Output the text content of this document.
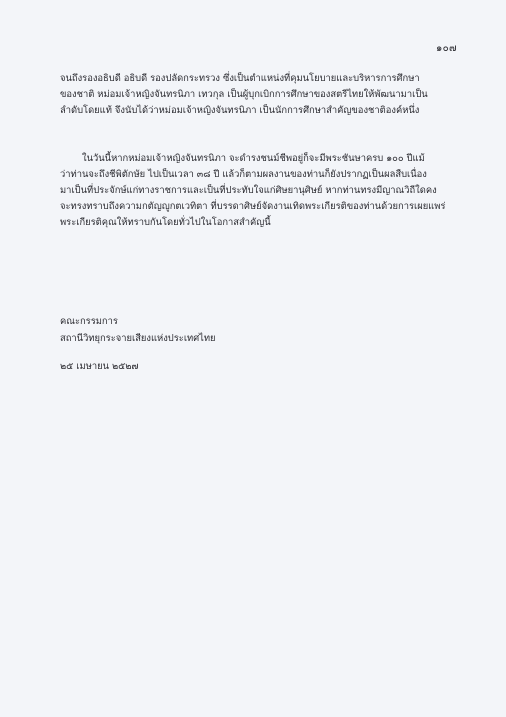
๑๐๗
จนถึงรองอธิบดี อธิบดี รองปลัดกระทรวง ซึ่งเป็นตำแหน่งที่คุมนโยบายและบริหารการศึกษา
ของชาติ หม่อมเจ้าหญิงจันทรนิภา เทวกุล เป็นผู้บุกเบิกการศึกษาของสตรีไทยให้พัฒนามาเป็น
ลำดับโดยแท้ จึงนับได้ว่าหม่อมเจ้าหญิงจันทรนิภา เป็นนักการศึกษาสำคัญของชาติองค์หนึ่ง
ในวันนี้หากหม่อมเจ้าหญิงจันทรนิภา จะดำรงชนม์ชีพอยู่ก็จะมีพระชันษาครบ ๑๐๐ ปีแม้
ว่าท่านจะถึงชีพิตักษัย ไปเป็นเวลา ๓๘ ปี แล้วก็ตามผลงานของท่านก็ยังปรากฏเป็นผลสืบเนื่อง
มาเป็นที่ประจักษ์แก่ทางราชการและเป็นที่ประทับใจแก่ศิษยานุศิษย์ หากท่านทรงมีญาณวิถีใดคง
จะทรงทราบถึงความกตัญญูกตเวทิตา ที่บรรดาศิษย์จัดงานเทิดพระเกียรติของท่านด้วยการเผยแพร่
พระเกียรติคุณให้ทราบกันโดยทั่วไปในโอกาสสำคัญนี้
คณะกรรมการ
สถานีวิทยุกระจายเสียงแห่งประเทศไทย
๒๕ เมษายน ๒๕๒๗
